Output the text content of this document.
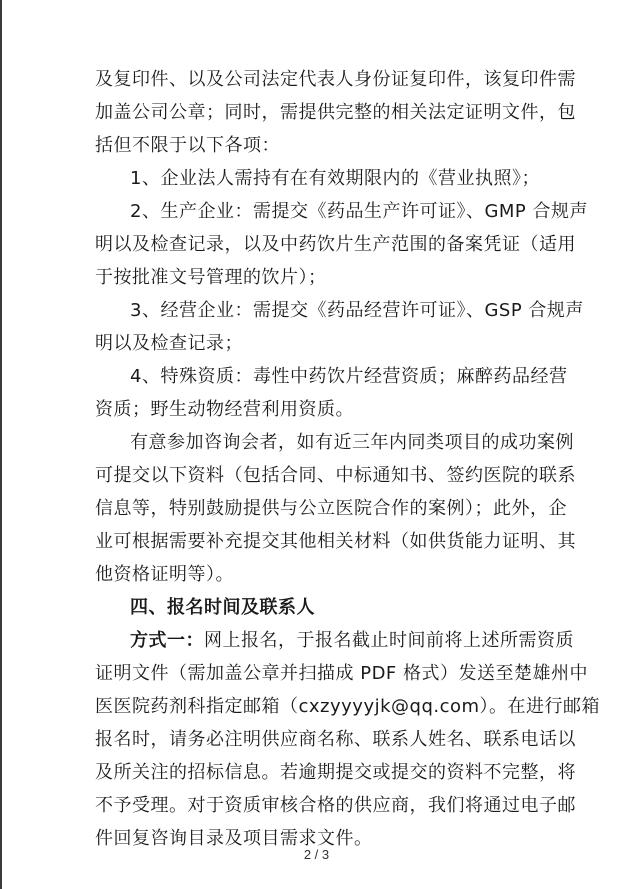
及复印件、以及公司法定代表人身份证复印件，该复印件需
加盖公司公章；同时，需提供完整的相关法定证明文件，包
括但不限于以下各项：
1、企业法人需持有在有效期限内的《营业执照》；
2、生产企业：需提交《药品生产许可证》、GMP 合规声
明以及检查记录，以及中药饮片生产范围的备案凭证（适用
于按批准文号管理的饮片）；
3、经营企业：需提交《药品经营许可证》、GSP 合规声
明以及检查记录；
4、特殊资质：毒性中药饮片经营资质；麻醉药品经营
资质；野生动物经营利用资质。
有意参加咨询会者，如有近三年内同类项目的成功案例
可提交以下资料（包括合同、中标通知书、签约医院的联系
信息等，特别鼓励提供与公立医院合作的案例）；此外，企
业可根据需要补充提交其他相关材料（如供货能力证明、其
他资格证明等）。
四、报名时间及联系人
方式一：网上报名，于报名截止时间前将上述所需资质
证明文件（需加盖公章并扫描成 PDF 格式）发送至楚雄州中
医医院药剂科指定邮箱（cxzyyyyjk@qq.com）。在进行邮箱
报名时，请务必注明供应商名称、联系人姓名、联系电话以
及所关注的招标信息。若逾期提交或提交的资料不完整，将
不予受理。对于资质审核合格的供应商，我们将通过电子邮
件回复咨询目录及项目需求文件。
2 / 3
